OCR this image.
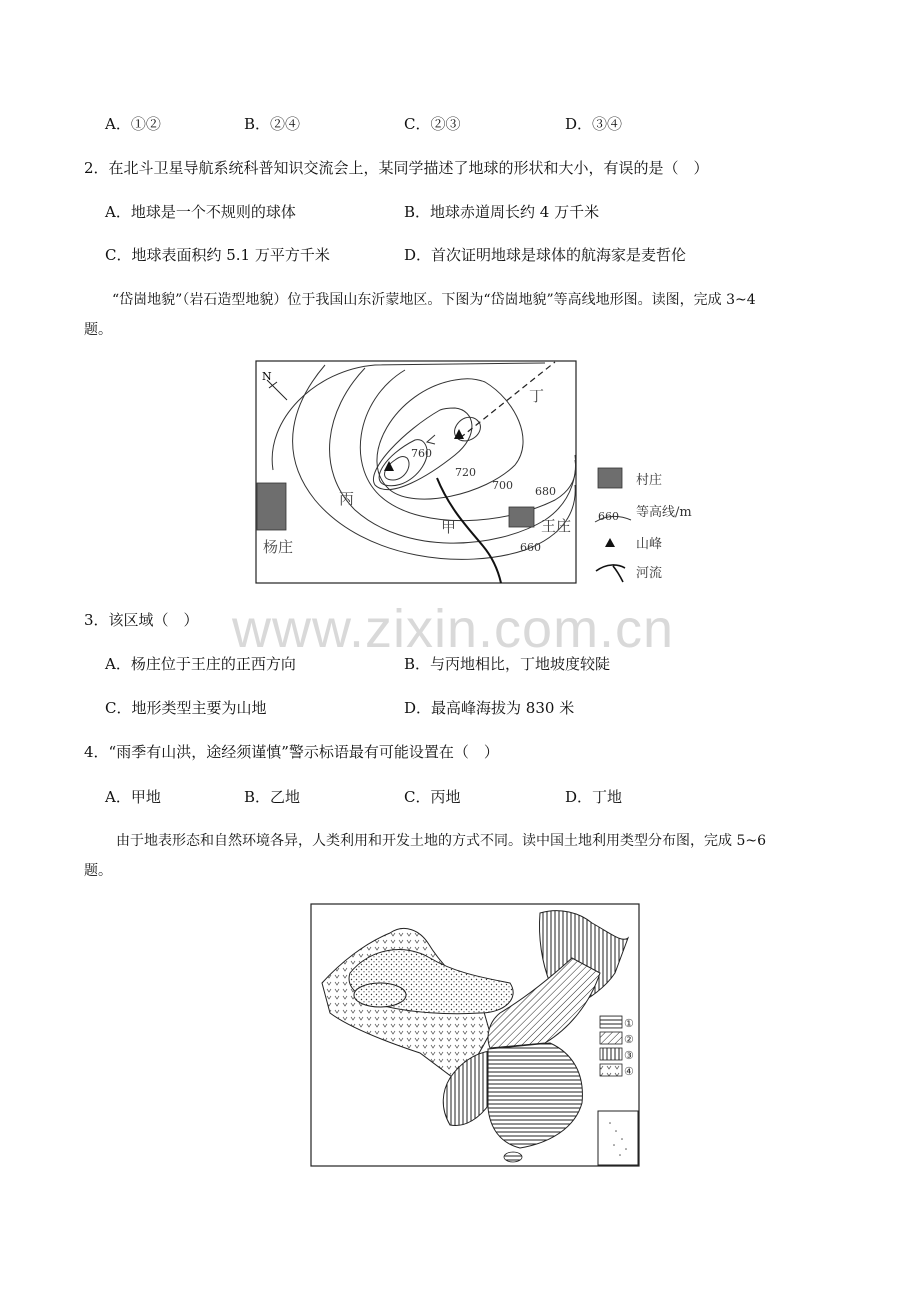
A．①②	B．②④	C．②③	D．③④
2．在北斗卫星导航系统科普知识交流会上，某同学描述了地球的形状和大小，有误的是（　）
A．地球是一个不规则的球体	B．地球赤道周长约 4 万千米
C．地球表面积约 5.1 万平方千米	D．首次证明地球是球体的航海家是麦哲伦
“岱崮地貌”（岩石造型地貌）位于我国山东沂蒙地区。下图为“岱崮地貌”等高线地形图。读图，完成 3~4
题。
N
760
720
700 680
660
杨庄
王庄
丙
甲
丁
村庄
660 等高线/m
山峰
河流
www.zixin.com.cn
3．该区域（　）
A．杨庄位于王庄的正西方向	B．与丙地相比，丁地坡度较陡
C．地形类型主要为山地	D．最高峰海拔为 830 米
4．“雨季有山洪，途经须谨慎”警示标语最有可能设置在（　）
A．甲地	B．乙地	C．丙地	D．丁地
由于地表形态和自然环境各异，人类利用和开发土地的方式不同。读中国土地利用类型分布图，完成 5~6
题。
①
②
③
④
